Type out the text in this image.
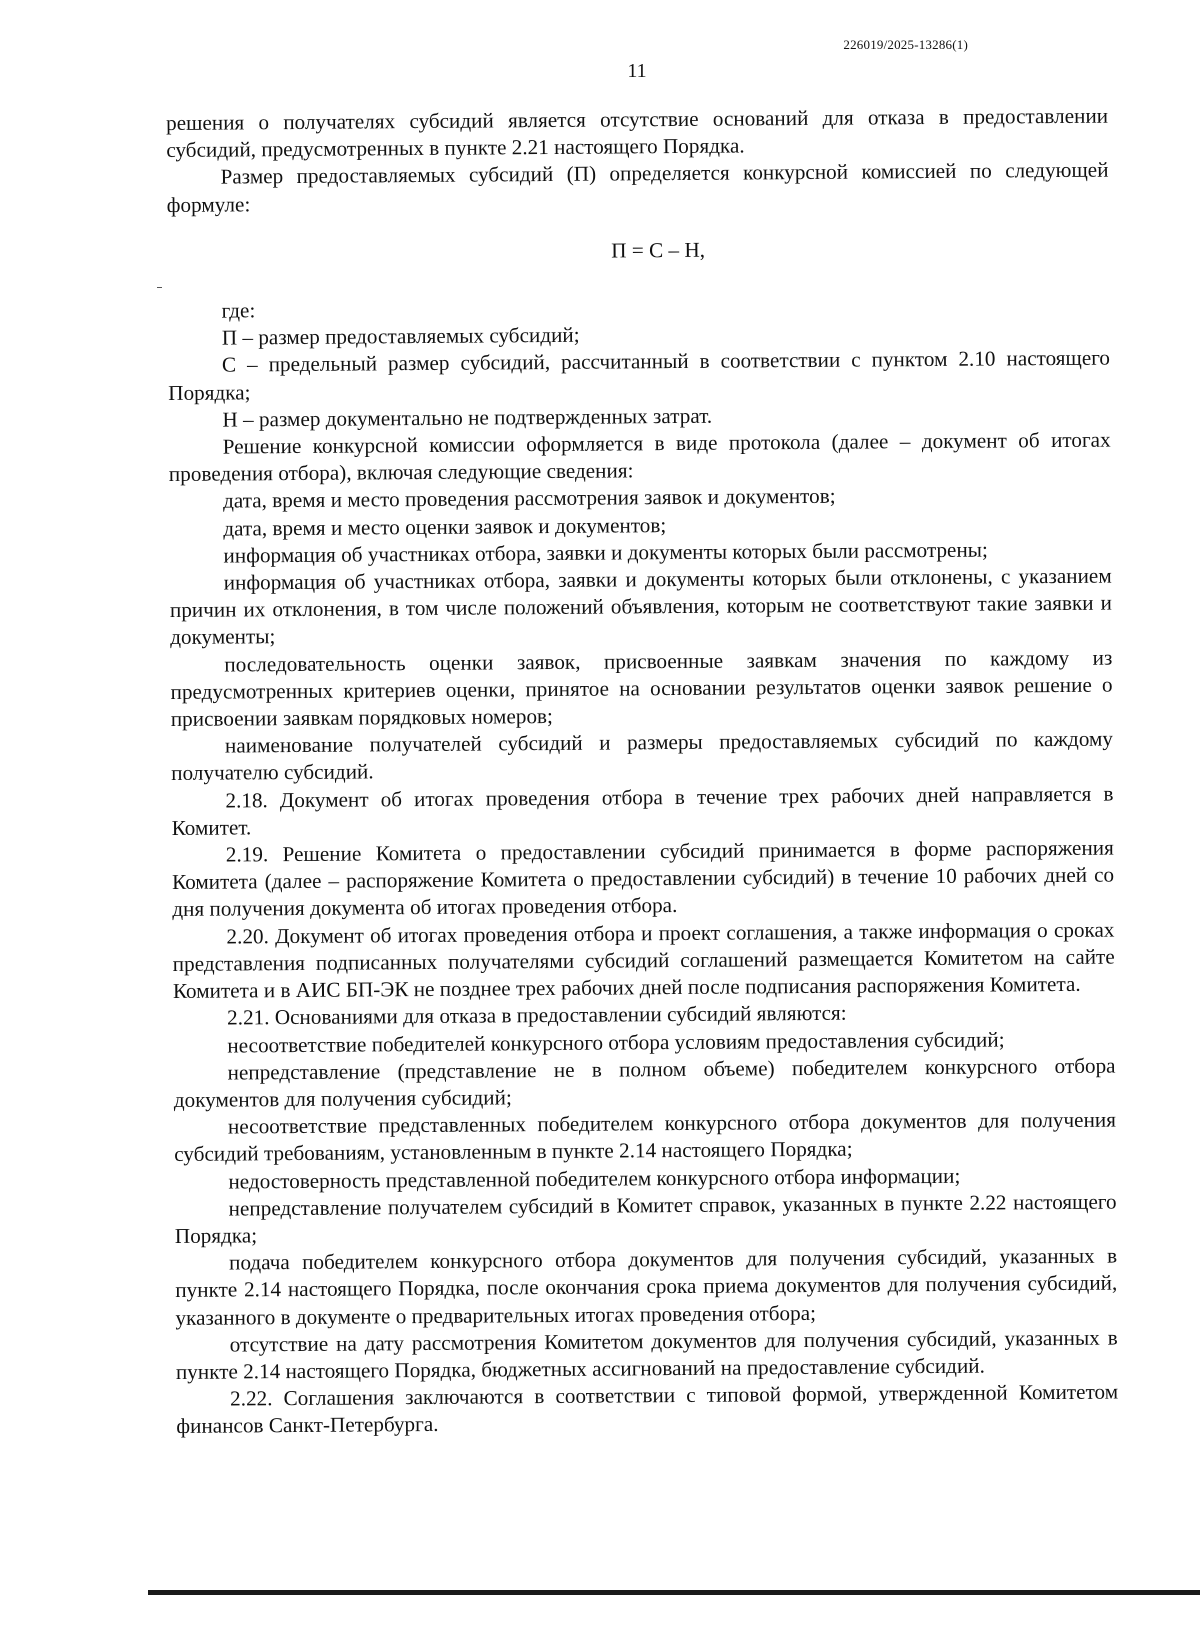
226019/2025-13286(1)
11

решения о получателях субсидий является отсутствие оснований для отказа в предоставлении субсидий, предусмотренных в пункте 2.21 настоящего Порядка.

Размер предоставляемых субсидий (П) определяется конкурсной комиссией по следующей формуле:

П = С – Н,

где:

П – размер предоставляемых субсидий;

С – предельный размер субсидий, рассчитанный в соответствии с пунктом 2.10 настоящего Порядка;

Н – размер документально не подтвержденных затрат.

Решение конкурсной комиссии оформляется в виде протокола (далее – документ об итогах проведения отбора), включая следующие сведения:

дата, время и место проведения рассмотрения заявок и документов;

дата, время и место оценки заявок и документов;

информация об участниках отбора, заявки и документы которых были рассмотрены;

информация об участниках отбора, заявки и документы которых были отклонены, с указанием причин их отклонения, в том числе положений объявления, которым не соответствуют такие заявки и документы;

последовательность оценки заявок, присвоенные заявкам значения по каждому из предусмотренных критериев оценки, принятое на основании результатов оценки заявок решение о присвоении заявкам порядковых номеров;

наименование получателей субсидий и размеры предоставляемых субсидий по каждому получателю субсидий.

2.18. Документ об итогах проведения отбора в течение трех рабочих дней направляется в Комитет.

2.19. Решение Комитета о предоставлении субсидий принимается в форме распоряжения Комитета (далее – распоряжение Комитета о предоставлении субсидий) в течение 10 рабочих дней со дня получения документа об итогах проведения отбора.

2.20. Документ об итогах проведения отбора и проект соглашения, а также информация о сроках представления подписанных получателями субсидий соглашений размещается Комитетом на сайте Комитета и в АИС БП-ЭК не позднее трех рабочих дней после подписания распоряжения Комитета.

2.21. Основаниями для отказа в предоставлении субсидий являются:

несоответствие победителей конкурсного отбора условиям предоставления субсидий;

непредставление (представление не в полном объеме) победителем конкурсного отбора документов для получения субсидий;

несоответствие представленных победителем конкурсного отбора документов для получения субсидий требованиям, установленным в пункте 2.14 настоящего Порядка;

недостоверность представленной победителем конкурсного отбора информации;

непредставление получателем субсидий в Комитет справок, указанных в пункте 2.22 настоящего Порядка;

подача победителем конкурсного отбора документов для получения субсидий, указанных в пункте 2.14 настоящего Порядка, после окончания срока приема документов для получения субсидий, указанного в документе о предварительных итогах проведения отбора;

отсутствие на дату рассмотрения Комитетом документов для получения субсидий, указанных в пункте 2.14 настоящего Порядка, бюджетных ассигнований на предоставление субсидий.

2.22. Соглашения заключаются в соответствии с типовой формой, утвержденной Комитетом финансов Санкт-Петербурга.
